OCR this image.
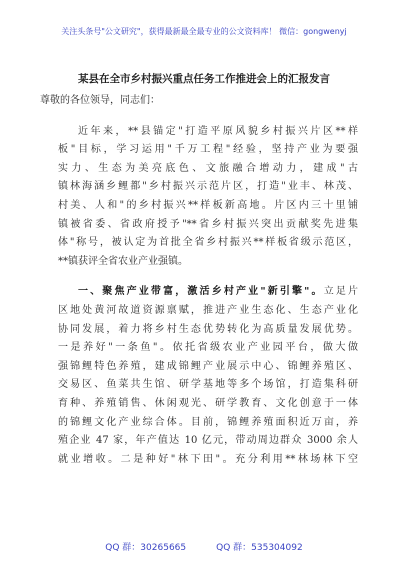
关注头条号"公文研究"，获得最新最全最专业的公文资料库！ 微信：gongwenyj
某县在全市乡村振兴重点任务工作推进会上的汇报发言

尊敬的各位领导，同志们：

近年来，**县锚定"打造平原风貌乡村振兴片区**样

板"目标，学习运用"千万工程"经验，坚持产业为要强

实力、生态为美亮底色、文旅融合增动力，建成"古

镇林海涵乡鲤都"乡村振兴示范片区，打造"业丰、林茂、

村美、人和"的乡村振兴**样板新高地。片区内三十里铺

镇被省委、省政府授予"**省乡村振兴突出贡献奖先进集

体"称号，被认定为首批全省乡村振兴**样板省级示范区，

**镇获评全省农业产业强镇。

一、聚焦产业带富，激活乡村产业"新引擎"。立足片

区地处黄河故道资源禀赋，推进产业生态化、生态产业化

协同发展，着力将乡村生态优势转化为高质量发展优势。

一是养好"一条鱼"。依托省级农业产业园平台，做大做

强锦鲤特色养殖，建成锦鲤产业展示中心、锦鲤养殖区、

交易区、鱼菜共生馆、研学基地等多个场馆，打造集科研

育种、养殖销售、休闲观光、研学教育、文化创意于一体

的锦鲤文化产业综合体。目前，锦鲤养殖面积近万亩，养

殖企业 47 家，年产值达 10 亿元，带动周边群众 3000 余人

就业增收。二是种好"林下田"。充分利用**林场林下空

QQ 群：30265665	QQ 群：535304092
